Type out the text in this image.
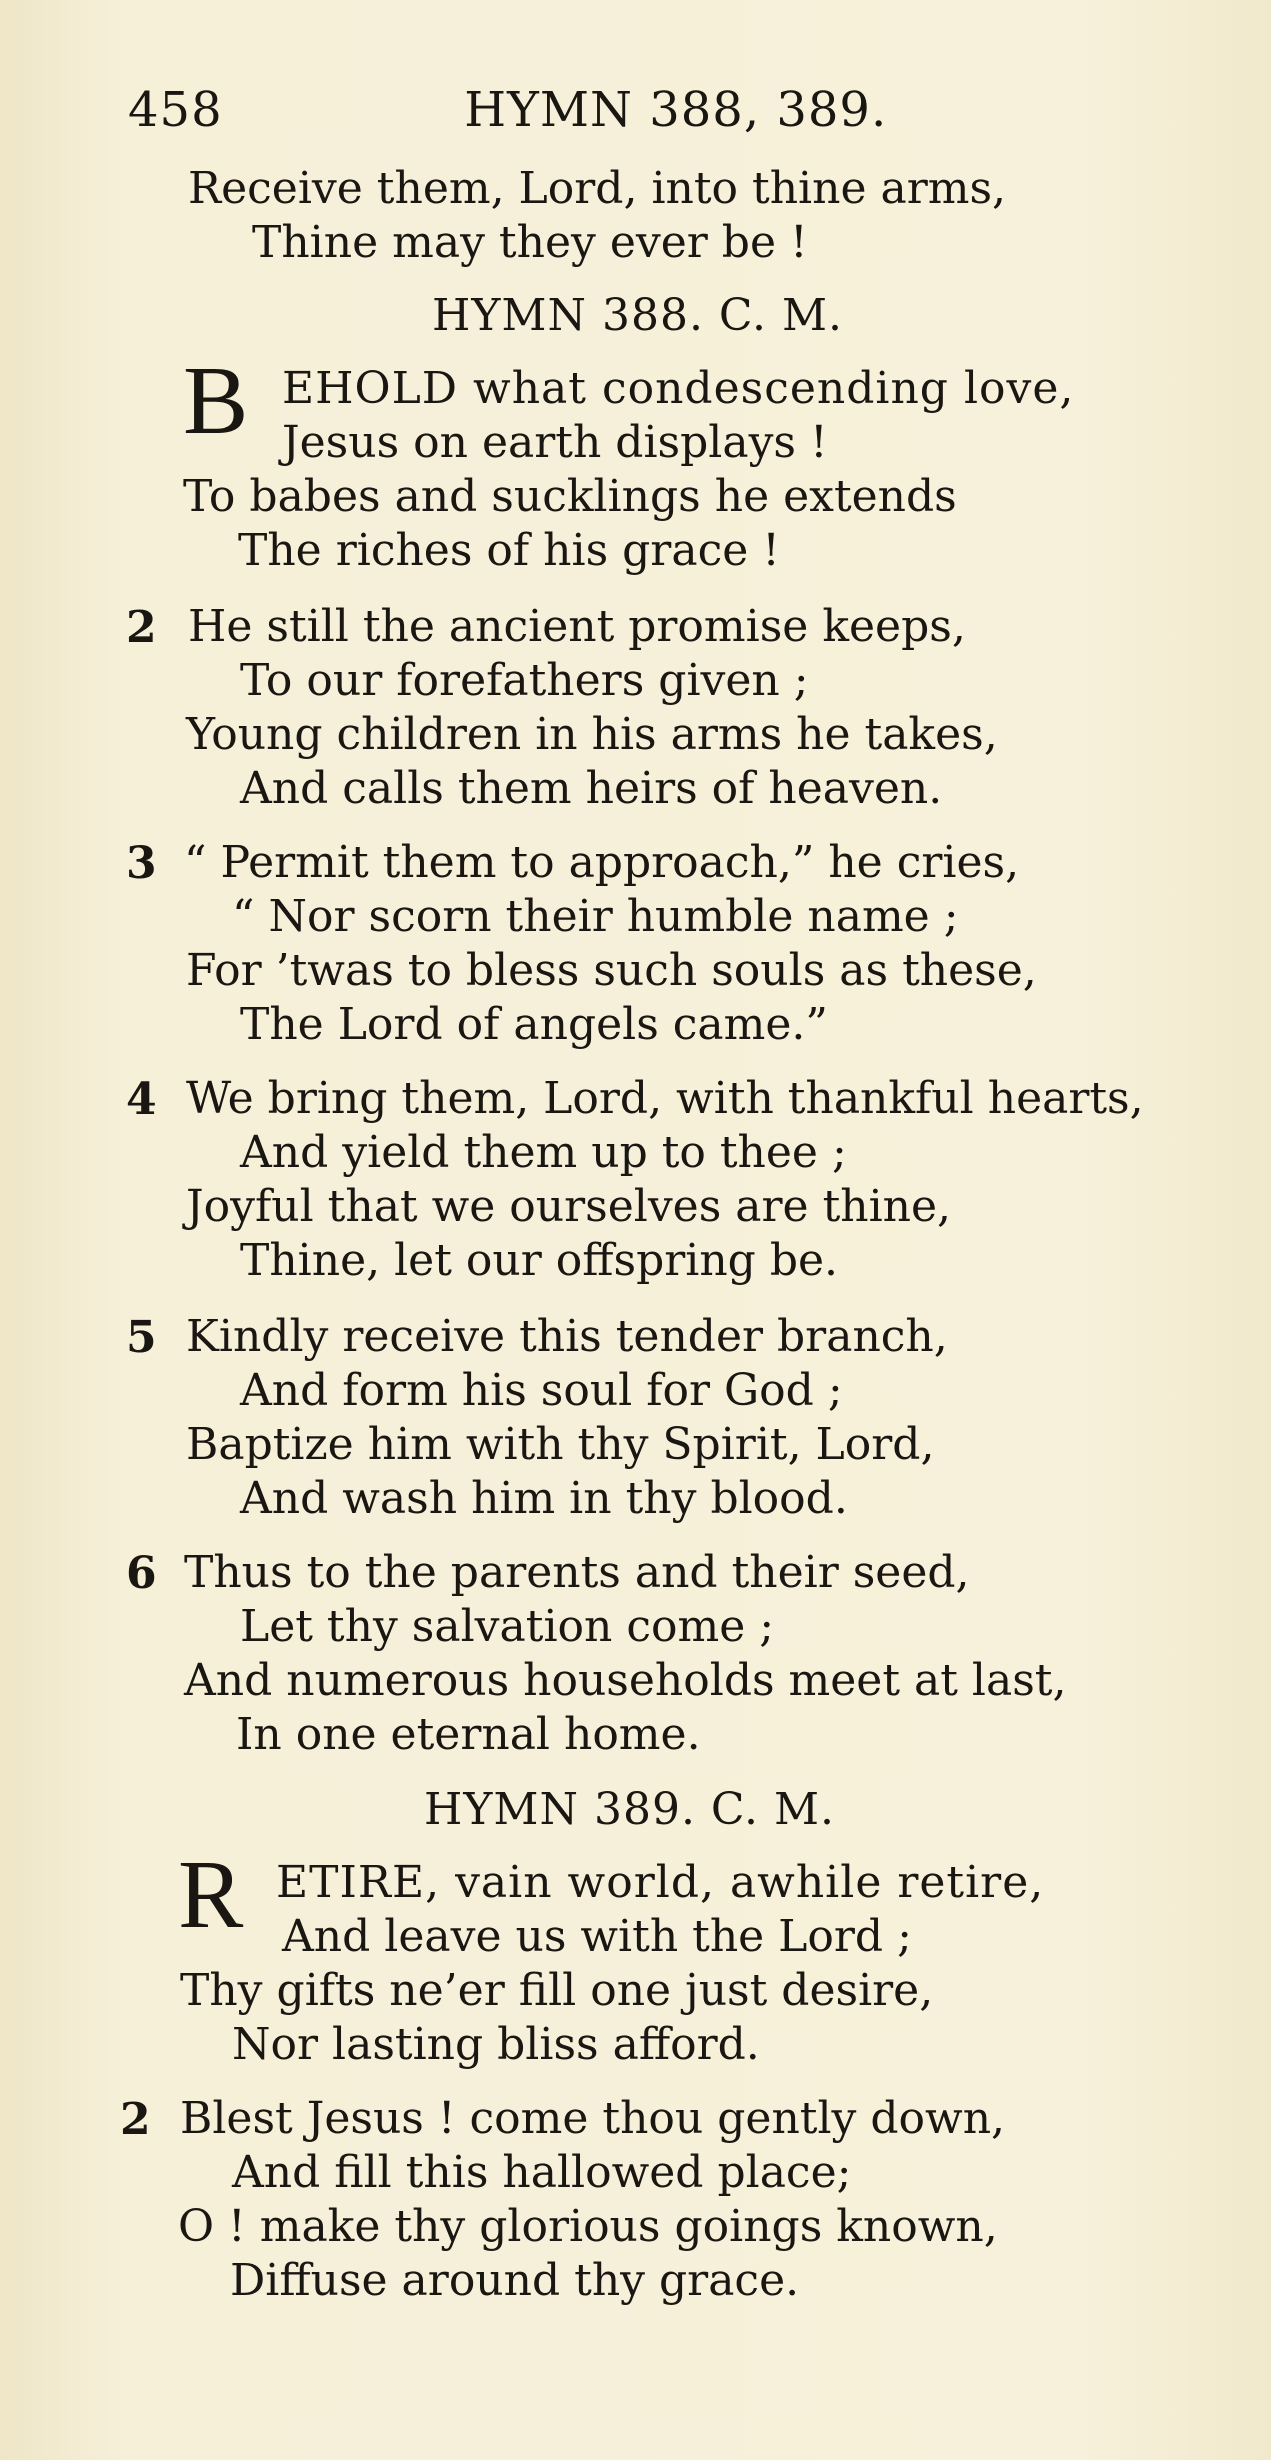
458	HYMN 388, 389.
Receive them, Lord, into thine arms,
Thine may they ever be !
HYMN 388. C. M.
B EHOLD what condescending love,
Jesus on earth displays !
To babes and sucklings he extends
The riches of his grace !
2 He still the ancient promise keeps,
To our forefathers given ;
Young children in his arms he takes,
And calls them heirs of heaven.
3 “ Permit them to approach,” he cries,
“ Nor scorn their humble name ;
For ’twas to bless such souls as these,
The Lord of angels came.”
4 We bring them, Lord, with thankful hearts,
And yield them up to thee ;
Joyful that we ourselves are thine,
Thine, let our offspring be.
5 Kindly receive this tender branch,
And form his soul for God ;
Baptize him with thy Spirit, Lord,
And wash him in thy blood.
6 Thus to the parents and their seed,
Let thy salvation come ;
And numerous households meet at last,
In one eternal home.
HYMN 389. C. M.
R ETIRE, vain world, awhile retire,
And leave us with the Lord ;
Thy gifts ne’er fill one just desire,
Nor lasting bliss afford.
2 Blest Jesus ! come thou gently down,
And fill this hallowed place;
O ! make thy glorious goings known,
Diffuse around thy grace.
